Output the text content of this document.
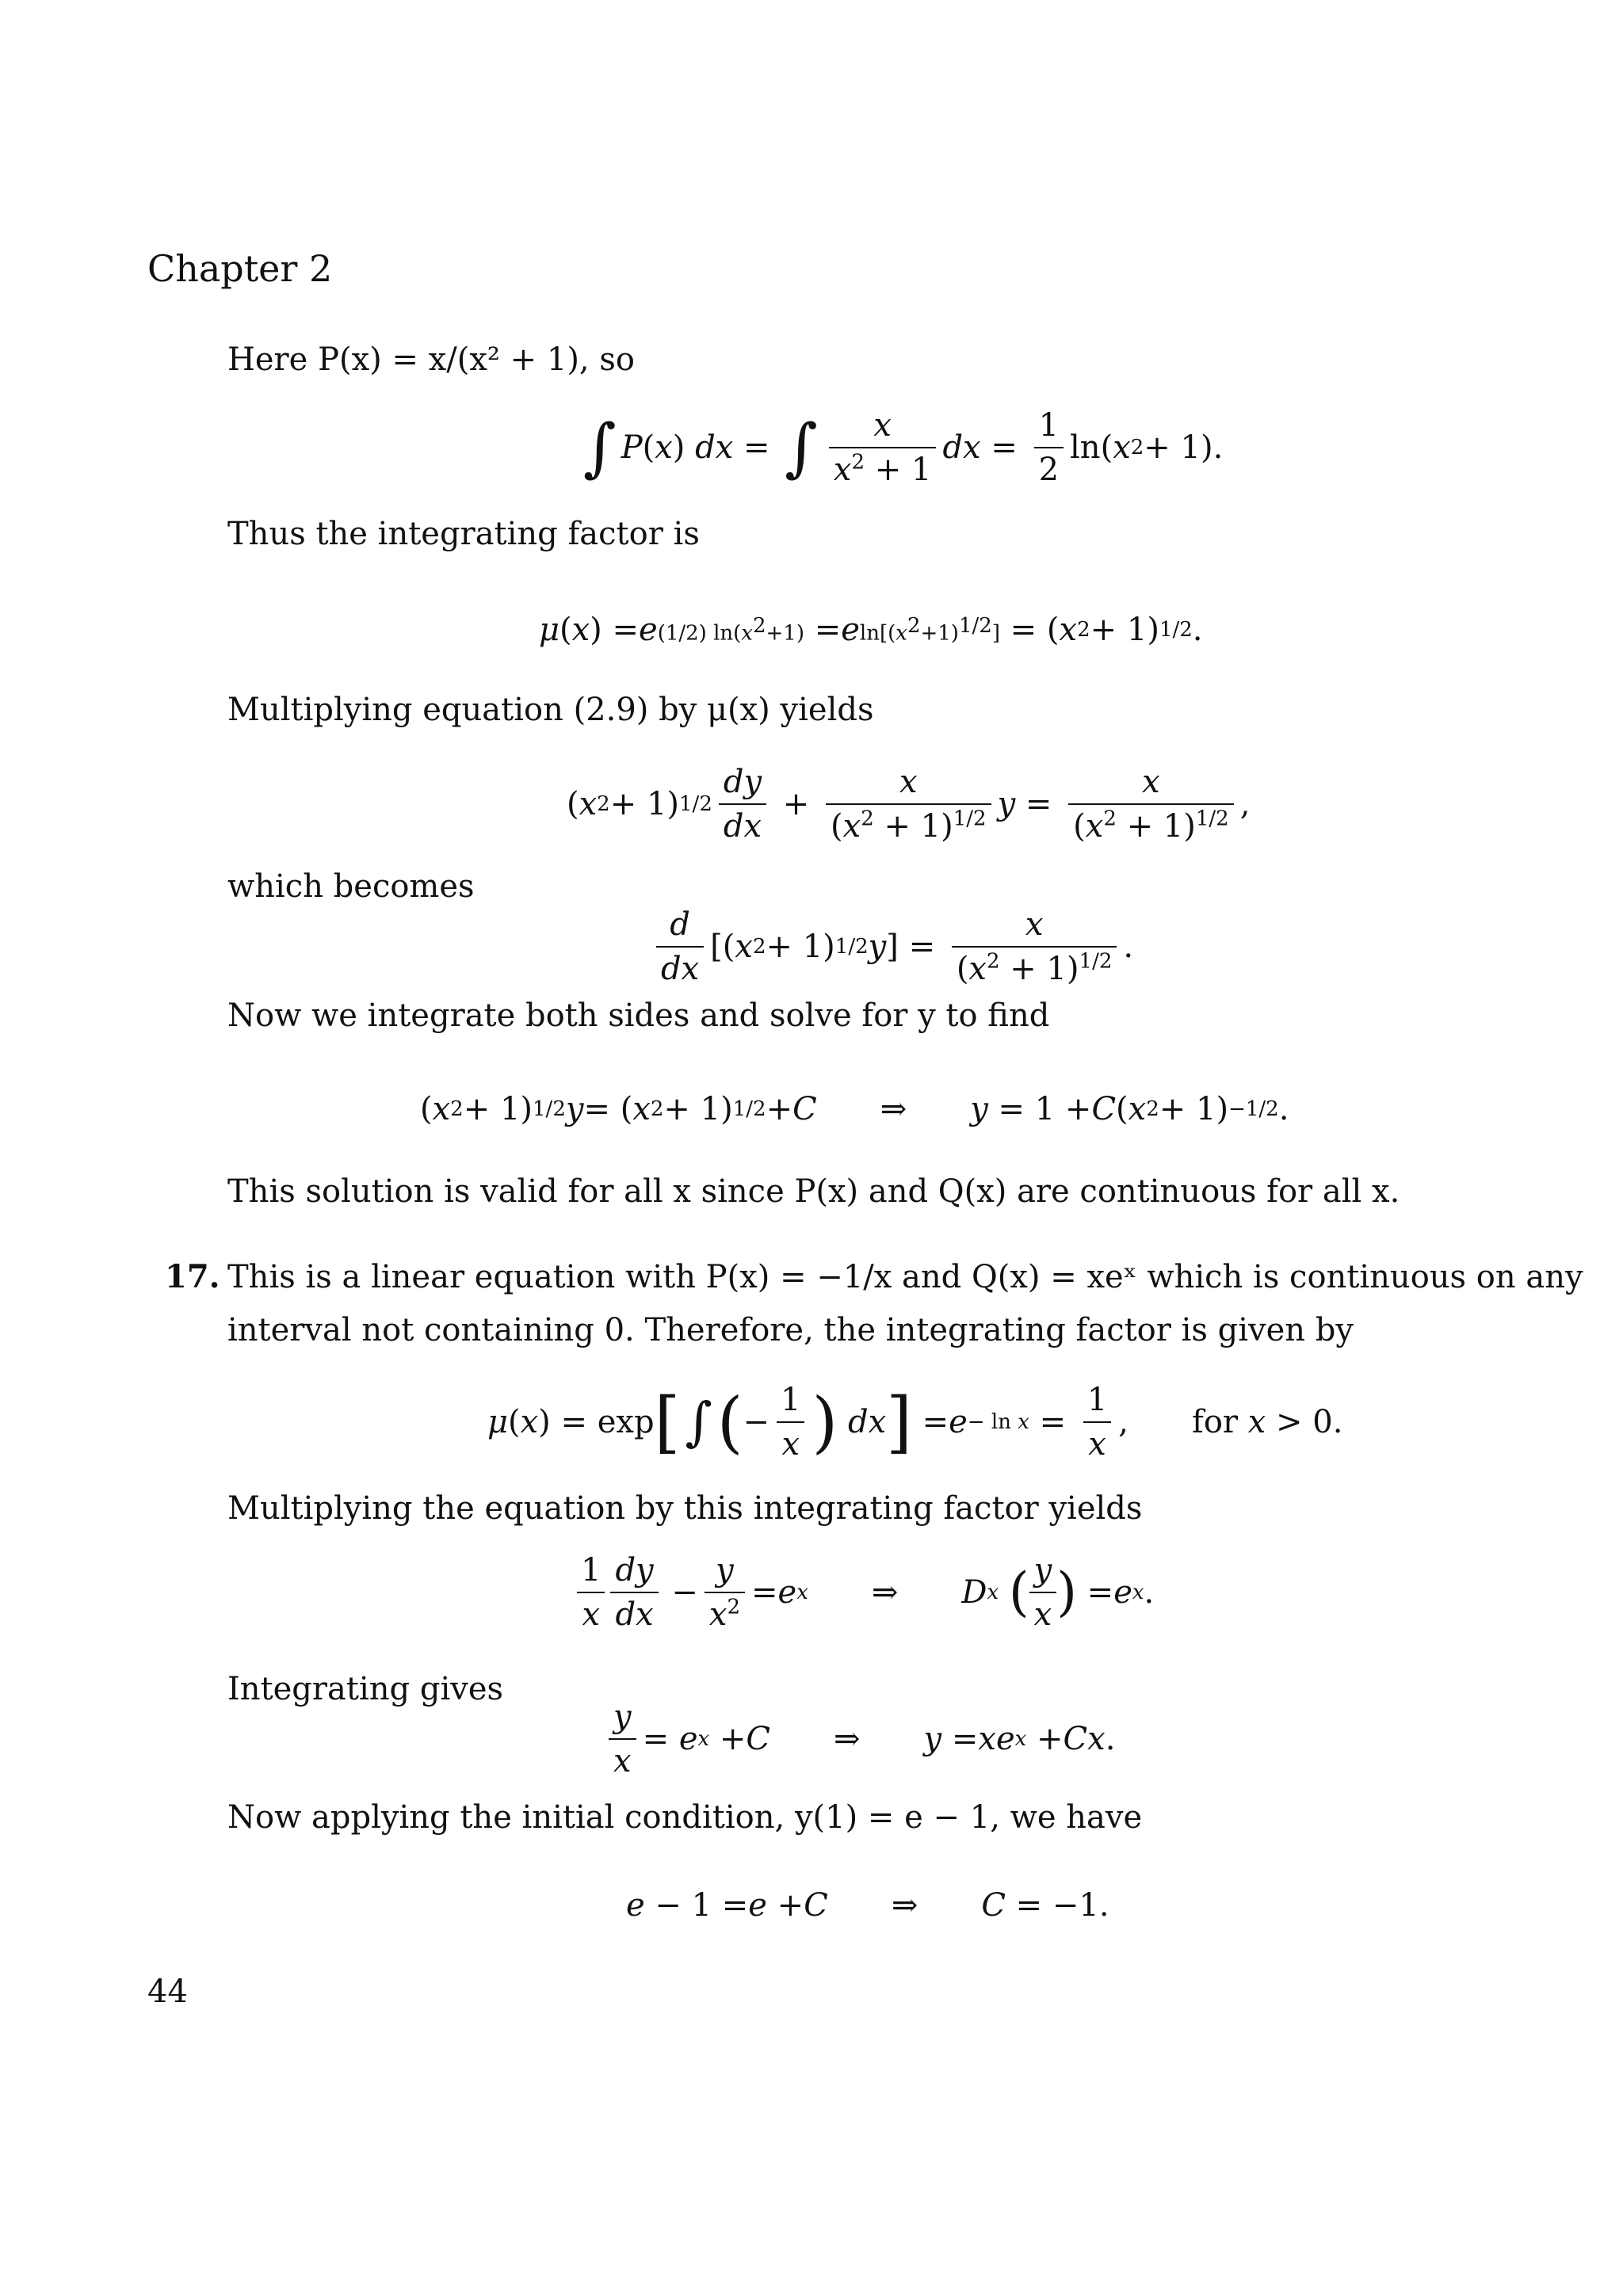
Chapter 2
Here P(x) = x/(x² + 1), so
∫ P ( x ) dx = ∫ $\frac{x}{x^2 + 1}$ dx = $\frac{1}{2} \ln$( x 2 + 1).
Thus the integrating factor is
μ ( x ) = e (1/2) $\ln(x^2+1) = e$ $\ln[(x^2+1)^{1/2}]$ = ( x 2 + 1) 1/2 .
Multiplying equation (2.9) by μ(x) yields
( x 2 + 1) $1/2 \frac{dy}{dx} + \frac{x}{(x^2 + 1)^{1/2}}$ $y = \frac{x}{(x^2 + 1)^{1/2}}$ ,
which becomes
$\frac{d}{dx}$ [( x 2 + 1) 1/2 y ] = $\frac{x}{(x^2 + 1)^{1/2}}$ .
Now we integrate both sides and solve for y to find
( x 2 + 1) 1/2 y = ( x 2 + 1) 1/2 + C ⇒ y = 1 + C ( x 2 + 1) −1/2 .
This solution is valid for all x since P(x) and Q(x) are continuous for all x.
17. This is a linear equation with P(x) = −1/x and Q(x) = xeˣ which is continuous on any
interval not containing 0. Therefore, the integrating factor is given by
μ ( x ) = exp [ ∫ ( − $\frac{1}{x}$ )
dx ] = $e - \ln x = \frac{1}{x}$ ,
for x > 0.
Multiplying the equation by this integrating factor yields
$\frac{1}{x} \frac{dy}{dx} - \frac{y}{x^2} = e$ x ⇒ D x
( $\frac{y}{x}$ ) = e x .
Integrating gives
$\frac{y}{x} = e$ x + C ⇒ y = xe x + Cx .
Now applying the initial condition, y(1) = e − 1, we have
e − 1 = e + C ⇒ C = −1.
44
